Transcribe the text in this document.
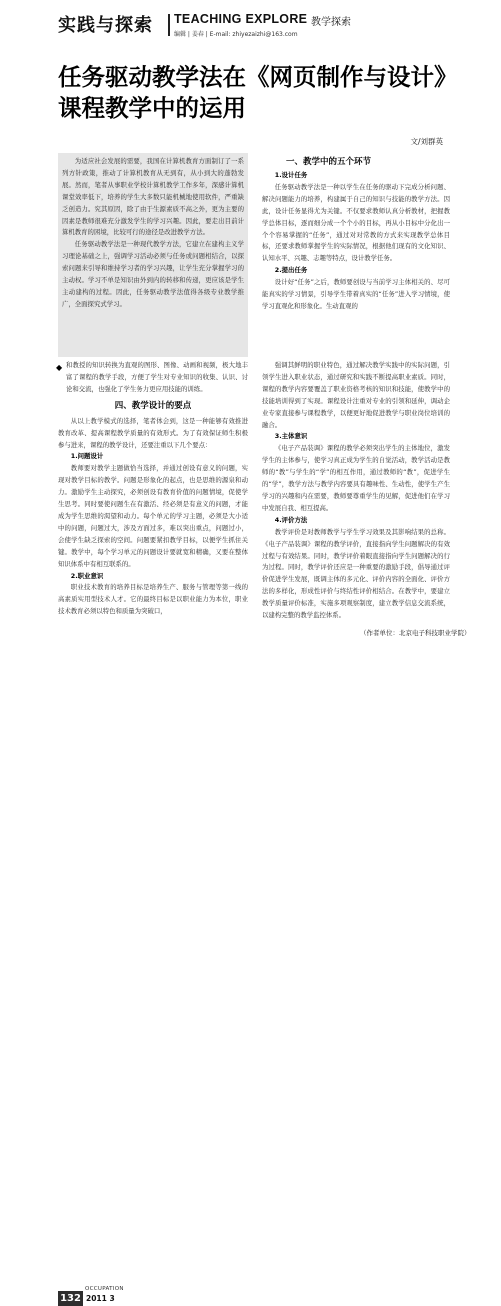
实践与探索 TEACHING EXPLORE 教学探索
编辑 | 姜春 | E-mail: zhiyezaizhi@163.com
任务驱动教学法在《网页制作与设计》
课程教学中的运用
文/刘群英

为适应社会发展的需要，我国在计算机教育方面制订了一系列方针政策，推动了计算机教育从无到有，从小到大的蓬勃发展。然而，笔者从事职业学校计算机教学工作多年，深感计算机课堂效率低下，培养的学生大多数只能机械地使用软件，严重缺乏创造力。究其原因，除了由于生源素质不高之外，更为主要的因素是教师很难充分激发学生的学习兴趣。因此，要走出目前计算机教育的困境，比较可行的途径是改进教学方法。

任务驱动教学法是一种现代教学方法，它建立在建构主义学习理论基础之上，强调学习活动必须与任务或问题相结合，以探索问题来引导和维持学习者的学习兴趣，让学生充分掌握学习的主动权。学习不单是知识由外到内的转移和传递，更应该是学生主动建构的过程。因此，任务驱动教学法值得各级专业教学推广，全面探究式学习。

一、教学中的五个环节

1.设计任务

任务驱动教学法是一种以学生在任务的驱动下完成分析问题、解决问题能力的培养，构建属于自己的知识与技能的教学方法。因此，设计任务显得尤为关键。不仅要求教师认真分析教材，把握教学总体目标，逐而细分成一个个小的目标，再从小目标中分化出一个个容易掌握的“任务”，通过对对常教的方式来实现教学总体目标，还要求教师掌握学生的实际情况，根据他们现有的文化知识、认知水平、兴趣、志趣等特点，设计教学任务。

2.提出任务

设计好“任务”之后，教师要创设与当前学习主体相关的、尽可能真实的学习情景，引导学生带着真实的“任务”进入学习情境，使学习直观化和形象化。生动直观的

◆ 和教授的知识转换为直观的图形、图像、动画和视频，极大地丰富了课程的教学手段，方便了学生对专业知识的收集、认识、讨论和交流，也强化了学生务力更应用技能的训练。

四、教学设计的要点

从以上教学模式的选择，笔者体会到，这是一种能够有效推进教育改革、提高课程教学质量的有效形式。为了有效保证师生积极参与进来，课程的教学设计，还要注重以下几个要点：

1.问题设计

教师要对教学主题做恰当选择，并通过创设有意义的问题，实现对教学目标的教学。问题是形象化的起点，也是思维的源泉和动力。激励学生主动探究，必须创设有教育价值的问题情境，促使学生思考。同时要使问题生在有激活、经必须是有意义的问题，才能成为学生思维的渴望和动力。每个单元的学习主题，必须是大小适中的问题，问题过大，涉及方面过多，难以突出重点，问题过小，会使学生缺乏探索的空间。问题要紧扣教学目标，以便学生抓住关键。教学中，每个学习单元的问题设计要就宽和精确，又要在整体知识体系中有相互联系的。

2.职业意识

职业技术教育的培养目标是培养生产、服务与管理等第一线的高素质实用型技术人才。它的最终目标是以职业能力为本位，职业技术教育必须以特色和质量为突破口，

强调其鲜明的职业特色，通过解决教学实践中的实际问题，引领学生进入职业状态，通过研究和实践不断提高职业素质。同时，课程的教学内容要覆盖了职业资格考核的知识和技能，使教学中的技能培训得到了实现。课程设计注重对专业的引领和延伸，调动企业专家直接参与课程教学，以便更好地促进教学与职业岗位培训的融合。

3.主体意识

《电子产品装调》课程的教学必须突出学生的主体地位，激发学生的主体参与，使学习真正成为学生的自觉活动，教学活动是教师的“教”与学生的“学”的相互作用，通过教师的“教”，促进学生的“学”，教学方法与教学内容要具有趣味性、生动性，使学生产生学习的兴趣和内在需要，教师要尊重学生的见解，促进他们在学习中发展自我、相互提高。

4.评价方法

教学评价是对教师教学与学生学习效果及其影响结果的总称。《电子产品装调》课程的教学评价，直接指向学生问题解决的有效过程与有效结果。同时，教学评价着眼直接指向学生问题解决的行为过程。同时，教学评价还应是一种重要的激励手段，倡导通过评价促进学生发展，既调主体的多元化、评价内容的全面化、评价方法的多样化，形成性评价与终结性评价相结合。在教学中，要建立教学质量评价标准，实施多项观察制度，建立教学信息交流系统，以建构完整的教学监控体系。

（作者单位：北京电子科技职业学院）
OCCUPATION
132 2011 3
